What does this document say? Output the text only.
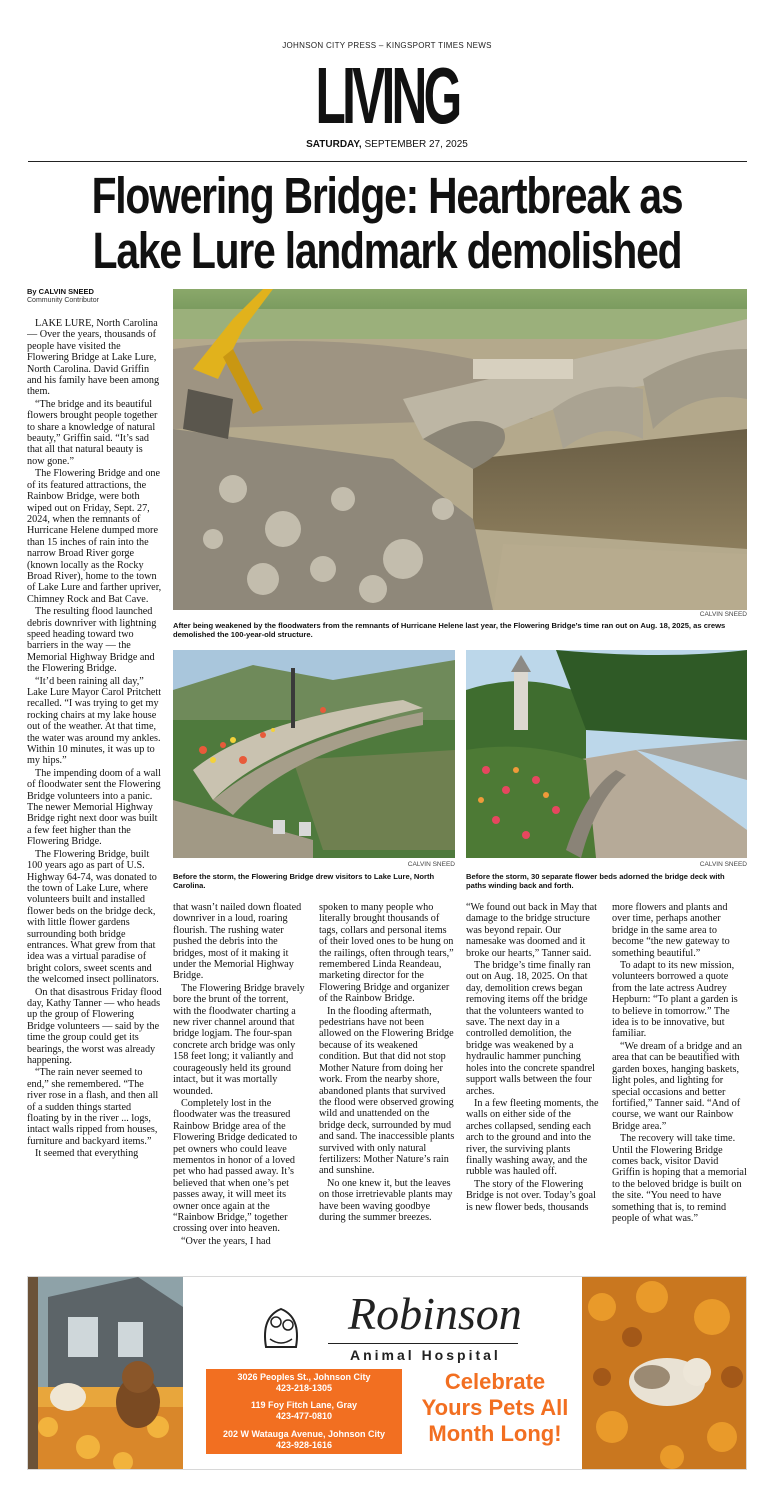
JOHNSON CITY PRESS – KINGSPORT TIMES NEWS
LIVING
SATURDAY, SEPTEMBER 27, 2025
Flowering Bridge: Heartbreak as
Lake Lure landmark demolished
By CALVIN SNEED
Community Contributor

LAKE LURE, North Carolina — Over the years, thousands of people have visited the Flowering Bridge at Lake Lure, North Carolina. David Griffin and his family have been among them.

“The bridge and its beautiful flowers brought people together to share a knowledge of natural beauty,” Griffin said. “It’s sad that all that natural beauty is now gone.”

The Flowering Bridge and one of its featured attractions, the Rainbow Bridge, were both wiped out on Friday, Sept. 27, 2024, when the remnants of Hurricane Helene dumped more than 15 inches of rain into the narrow Broad River gorge (known locally as the Rocky Broad River), home to the town of Lake Lure and farther upriver, Chimney Rock and Bat Cave.

The resulting flood launched debris downriver with lightning speed heading toward two barriers in the way — the Memorial Highway Bridge and the Flowering Bridge.

“It’d been raining all day,” Lake Lure Mayor Carol Pritchett recalled. “I was trying to get my rocking chairs at my lake house out of the weather. At that time, the water was around my ankles. Within 10 minutes, it was up to my hips.”

The impending doom of a wall of floodwater sent the Flowering Bridge volunteers into a panic. The newer Memorial Highway Bridge right next door was built a few feet higher than the Flowering Bridge.

The Flowering Bridge, built 100 years ago as part of U.S. Highway 64-74, was donated to the town of Lake Lure, where volunteers built and installed flower beds on the bridge deck, with little flower gardens surrounding both bridge entrances. What grew from that idea was a virtual paradise of bright colors, sweet scents and the welcomed insect pollinators.

On that disastrous Friday flood day, Kathy Tanner — who heads up the group of Flowering Bridge volunteers — said by the time the group could get its bearings, the worst was already happening.

“The rain never seemed to end,” she remembered. “The river rose in a flash, and then all of a sudden things started floating by in the river ... logs, intact walls ripped from houses, furniture and backyard items.”

It seemed that everything

CALVIN SNEED
After being weakened by the floodwaters from the remnants of Hurricane Helene last year, the Flowering Bridge’s time ran out on Aug. 18, 2025, as crews demolished the 100-year-old structure.
CALVIN SNEED
Before the storm, the Flowering Bridge drew visitors to Lake Lure, North Carolina.
CALVIN SNEED
Before the storm, 30 separate flower beds adorned the bridge deck with paths winding back and forth.

that wasn’t nailed down floated downriver in a loud, roaring flourish. The rushing water pushed the debris into the bridges, most of it making it under the Memorial Highway Bridge.

The Flowering Bridge bravely bore the brunt of the torrent, with the floodwater charting a new river channel around that bridge logjam. The four-span concrete arch bridge was only 158 feet long; it valiantly and courageously held its ground intact, but it was mortally wounded.

Completely lost in the floodwater was the treasured Rainbow Bridge area of the Flowering Bridge dedicated to pet owners who could leave mementos in honor of a loved pet who had passed away. It’s believed that when one’s pet passes away, it will meet its owner once again at the “Rainbow Bridge,” together crossing over into heaven.

“Over the years, I had

spoken to many people who literally brought thousands of tags, collars and personal items of their loved ones to be hung on the railings, often through tears,” remembered Linda Reandeau, marketing director for the Flowering Bridge and organizer of the Rainbow Bridge.

In the flooding aftermath, pedestrians have not been allowed on the Flowering Bridge because of its weakened condition. But that did not stop Mother Nature from doing her work. From the nearby shore, abandoned plants that survived the flood were observed growing wild and unattended on the bridge deck, surrounded by mud and sand. The inaccessible plants survived with only natural fertilizers: Mother Nature’s rain and sunshine.

No one knew it, but the leaves on those irretrievable plants may have been waving goodbye during the summer breezes.

“We found out back in May that damage to the bridge structure was beyond repair. Our namesake was doomed and it broke our hearts,” Tanner said.

The bridge’s time finally ran out on Aug. 18, 2025. On that day, demolition crews began removing items off the bridge that the volunteers wanted to save. The next day in a controlled demolition, the bridge was weakened by a hydraulic hammer punching holes into the concrete spandrel support walls between the four arches.

In a few fleeting moments, the walls on either side of the arches collapsed, sending each arch to the ground and into the river, the surviving plants finally washing away, and the rubble was hauled off.

The story of the Flowering Bridge is not over. Today’s goal is new flower beds, thousands

more flowers and plants and over time, perhaps another bridge in the same area to become “the new gateway to something beautiful.”

To adapt to its new mission, volunteers borrowed a quote from the late actress Audrey Hepburn: “To plant a garden is to believe in tomorrow.” The idea is to be innovative, but familiar.

“We dream of a bridge and an area that can be beautified with garden boxes, hanging baskets, light poles, and lighting for special occasions and better fortified,” Tanner said. “And of course, we want our Rainbow Bridge area.”

The recovery will take time. Until the Flowering Bridge comes back, visitor David Griffin is hoping that a memorial to the beloved bridge is built on the site. “You need to have something that is, to remind people of what was.”

Robinson
Animal Hospital
3026 Peoples St., Johnson City
423-218-1305
119 Foy Fitch Lane, Gray
423-477-0810
202 W Watauga Avenue, Johnson City
423-928-1616
Celebrate
Yours Pets All
Month Long!
